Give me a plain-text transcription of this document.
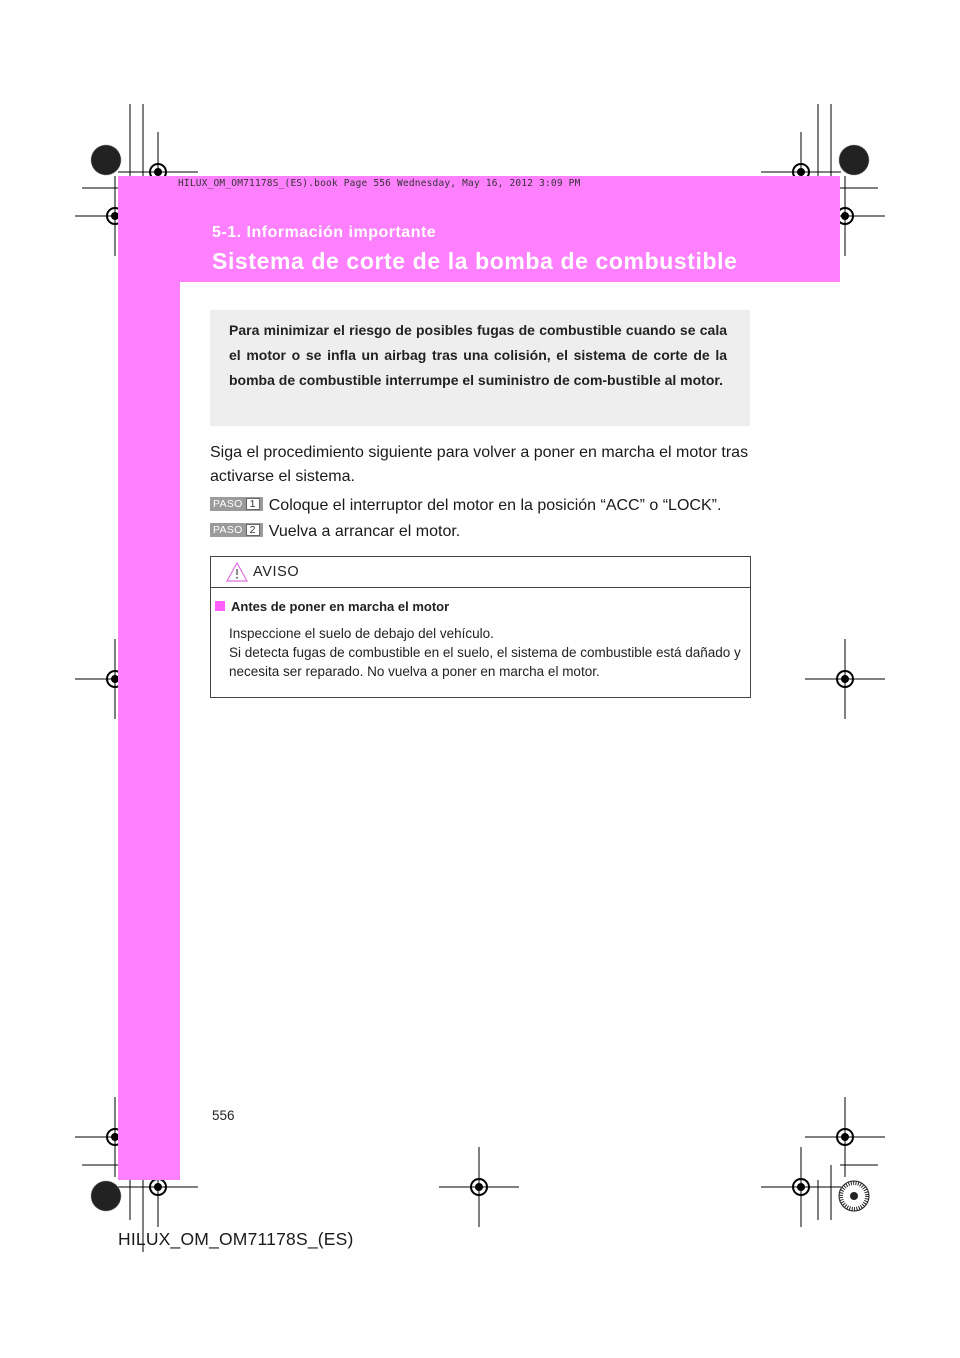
HILUX_OM_OM71178S_(ES).book Page 556 Wednesday, May 16, 2012 3:09 PM
5-1. Información importante
Sistema de corte de la bomba de combustible
Para minimizar el riesgo de posibles fugas de combustible cuando se cala el motor o se infla un airbag tras una colisión, el sistema de corte de la bomba de combustible interrumpe el suministro de com-bustible al motor.
Siga el procedimiento siguiente para volver a poner en marcha el motor tras activarse el sistema.
PASO 1 Coloque el interruptor del motor en la posición “ACC” o “LOCK”.
PASO 2 Vuelva a arrancar el motor.
AVISO
Antes de poner en marcha el motor
Inspeccione el suelo de debajo del vehículo.
Si detecta fugas de combustible en el suelo, el sistema de combustible está dañado y necesita ser reparado. No vuelva a poner en marcha el motor.
556
HILUX_OM_OM71178S_(ES)
